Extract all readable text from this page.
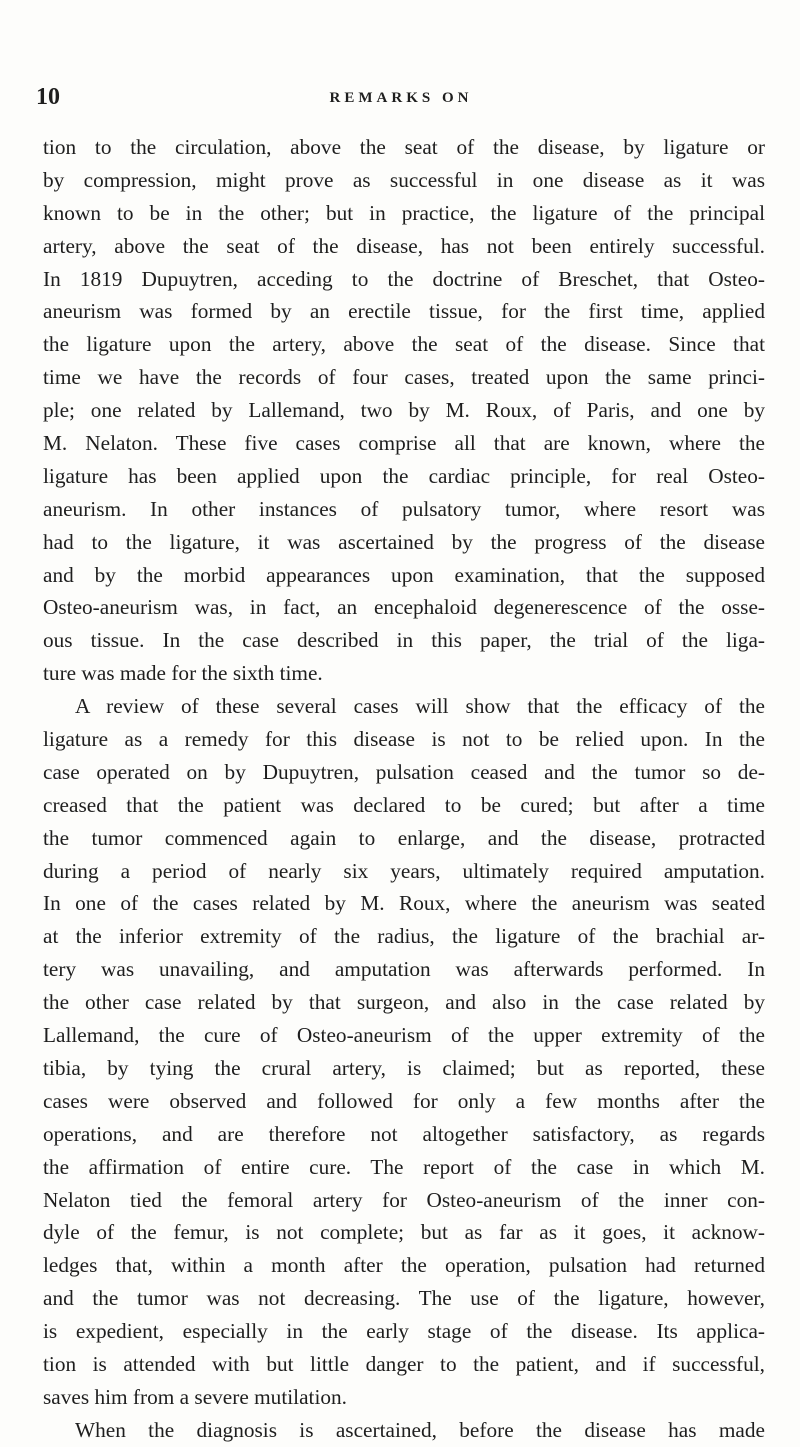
10	REMARKS ON
tion to the circulation, above the seat of the disease, by ligature or
by compression, might prove as successful in one disease as it was
known to be in the other; but in practice, the ligature of the principal
artery, above the seat of the disease, has not been entirely successful.
In 1819 Dupuytren, acceding to the doctrine of Breschet, that Osteo-
aneurism was formed by an erectile tissue, for the first time, applied
the ligature upon the artery, above the seat of the disease. Since that
time we have the records of four cases, treated upon the same princi-
ple; one related by Lallemand, two by M. Roux, of Paris, and one by
M. Nelaton. These five cases comprise all that are known, where the
ligature has been applied upon the cardiac principle, for real Osteo-
aneurism. In other instances of pulsatory tumor, where resort was
had to the ligature, it was ascertained by the progress of the disease
and by the morbid appearances upon examination, that the supposed
Osteo-aneurism was, in fact, an encephaloid degenerescence of the osse-
ous tissue. In the case described in this paper, the trial of the liga-
ture was made for the sixth time.
A review of these several cases will show that the efficacy of the
ligature as a remedy for this disease is not to be relied upon. In the
case operated on by Dupuytren, pulsation ceased and the tumor so de-
creased that the patient was declared to be cured; but after a time
the tumor commenced again to enlarge, and the disease, protracted
during a period of nearly six years, ultimately required amputation.
In one of the cases related by M. Roux, where the aneurism was seated
at the inferior extremity of the radius, the ligature of the brachial ar-
tery was unavailing, and amputation was afterwards performed. In
the other case related by that surgeon, and also in the case related by
Lallemand, the cure of Osteo-aneurism of the upper extremity of the
tibia, by tying the crural artery, is claimed; but as reported, these
cases were observed and followed for only a few months after the
operations, and are therefore not altogether satisfactory, as regards
the affirmation of entire cure. The report of the case in which M.
Nelaton tied the femoral artery for Osteo-aneurism of the inner con-
dyle of the femur, is not complete; but as far as it goes, it acknow-
ledges that, within a month after the operation, pulsation had returned
and the tumor was not decreasing. The use of the ligature, however,
is expedient, especially in the early stage of the disease. Its applica-
tion is attended with but little danger to the patient, and if successful,
saves him from a severe mutilation.
When the diagnosis is ascertained, before the disease has made
